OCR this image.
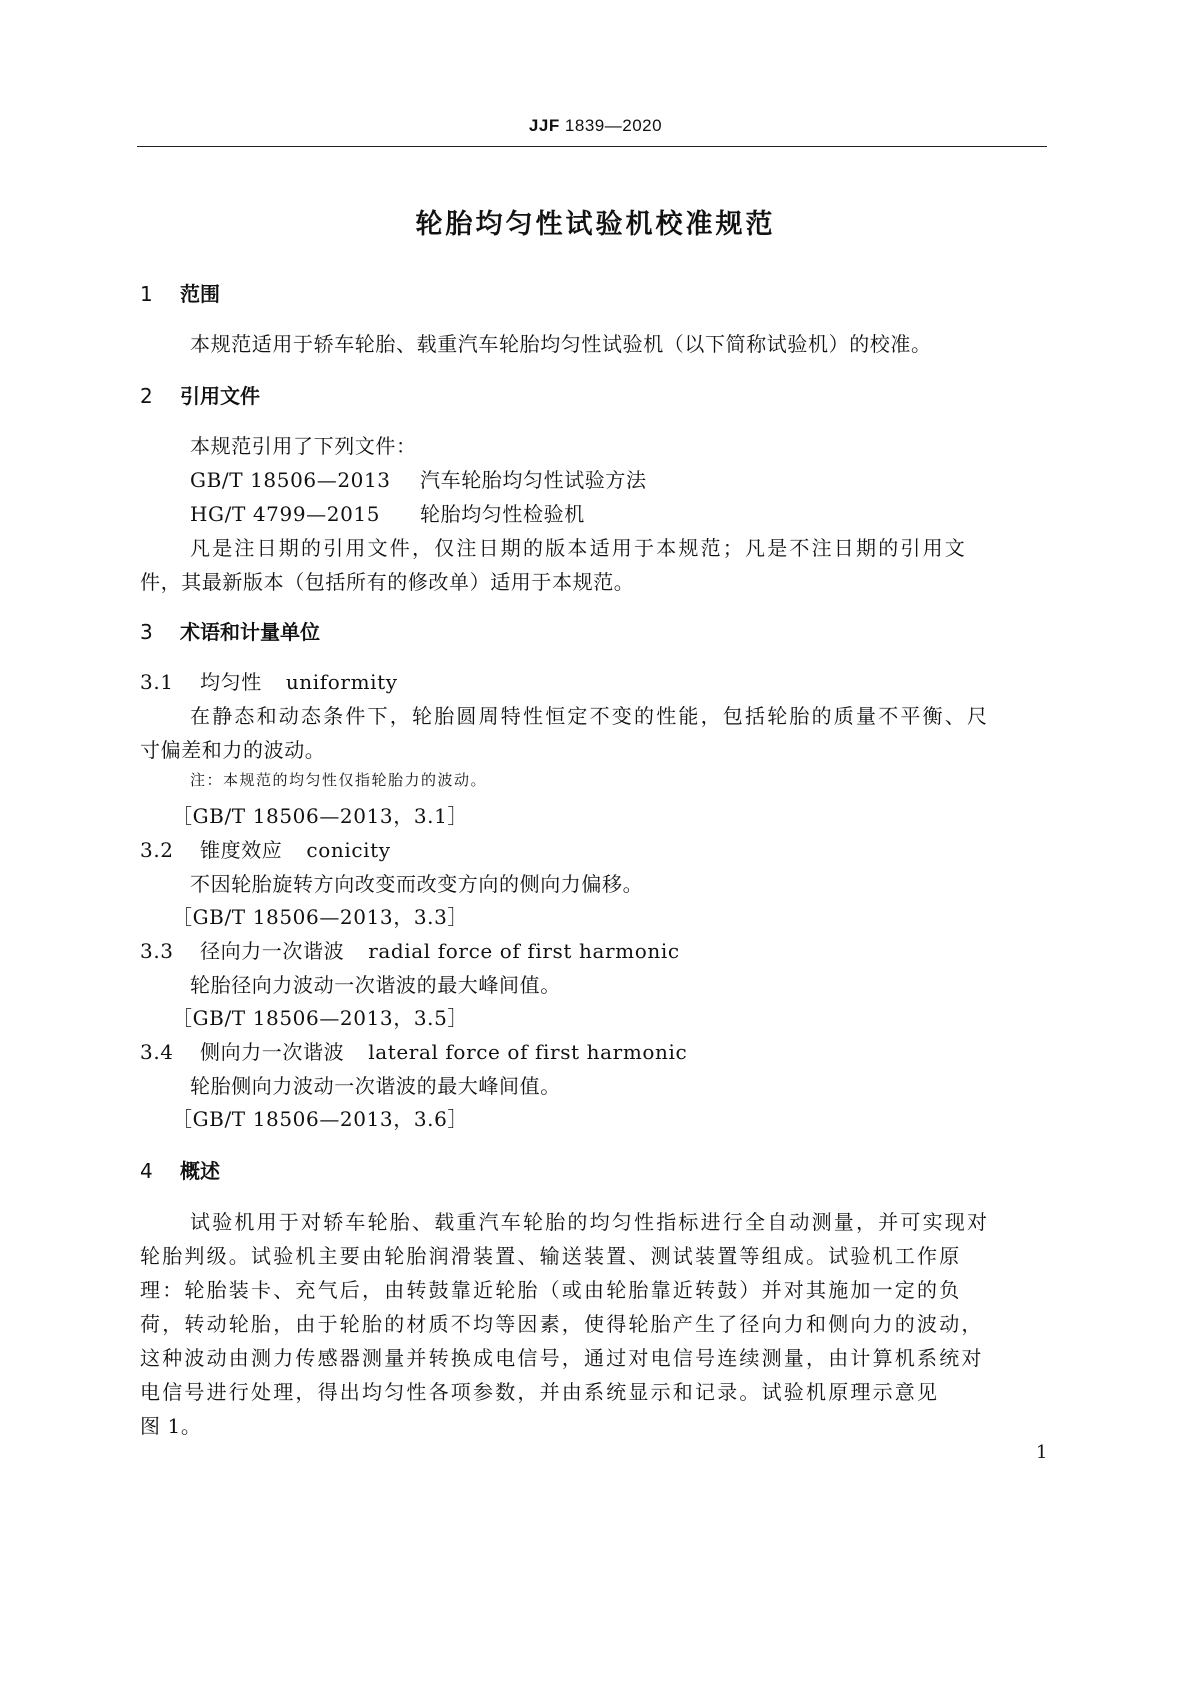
JJF 1839—2020
轮胎均匀性试验机校准规范
1 范围
本规范适用于轿车轮胎、载重汽车轮胎均匀性试验机（以下简称试验机）的校准。
2 引用文件
本规范引用了下列文件：
GB/T 18506—2013 汽车轮胎均匀性试验方法
HG/T 4799—2015 轮胎均匀性检验机
凡是注日期的引用文件，仅注日期的版本适用于本规范；凡是不注日期的引用文
件，其最新版本（包括所有的修改单）适用于本规范。
3 术语和计量单位
3.1 均匀性 uniformity
在静态和动态条件下，轮胎圆周特性恒定不变的性能，包括轮胎的质量不平衡、尺
寸偏差和力的波动。
注：本规范的均匀性仅指轮胎力的波动。
［GB/T 18506—2013，3.1］
3.2 锥度效应 conicity
不因轮胎旋转方向改变而改变方向的侧向力偏移。
［GB/T 18506—2013，3.3］
3.3 径向力一次谐波 radial force of first harmonic
轮胎径向力波动一次谐波的最大峰间值。
［GB/T 18506—2013，3.5］
3.4 侧向力一次谐波 lateral force of first harmonic
轮胎侧向力波动一次谐波的最大峰间值。
［GB/T 18506—2013，3.6］
4 概述
试验机用于对轿车轮胎、载重汽车轮胎的均匀性指标进行全自动测量，并可实现对
轮胎判级。试验机主要由轮胎润滑装置、输送装置、测试装置等组成。试验机工作原
理：轮胎装卡、充气后，由转鼓靠近轮胎（或由轮胎靠近转鼓）并对其施加一定的负
荷，转动轮胎，由于轮胎的材质不均等因素，使得轮胎产生了径向力和侧向力的波动，
这种波动由测力传感器测量并转换成电信号，通过对电信号连续测量，由计算机系统对
电信号进行处理，得出均匀性各项参数，并由系统显示和记录。试验机原理示意见
图 1。
1
